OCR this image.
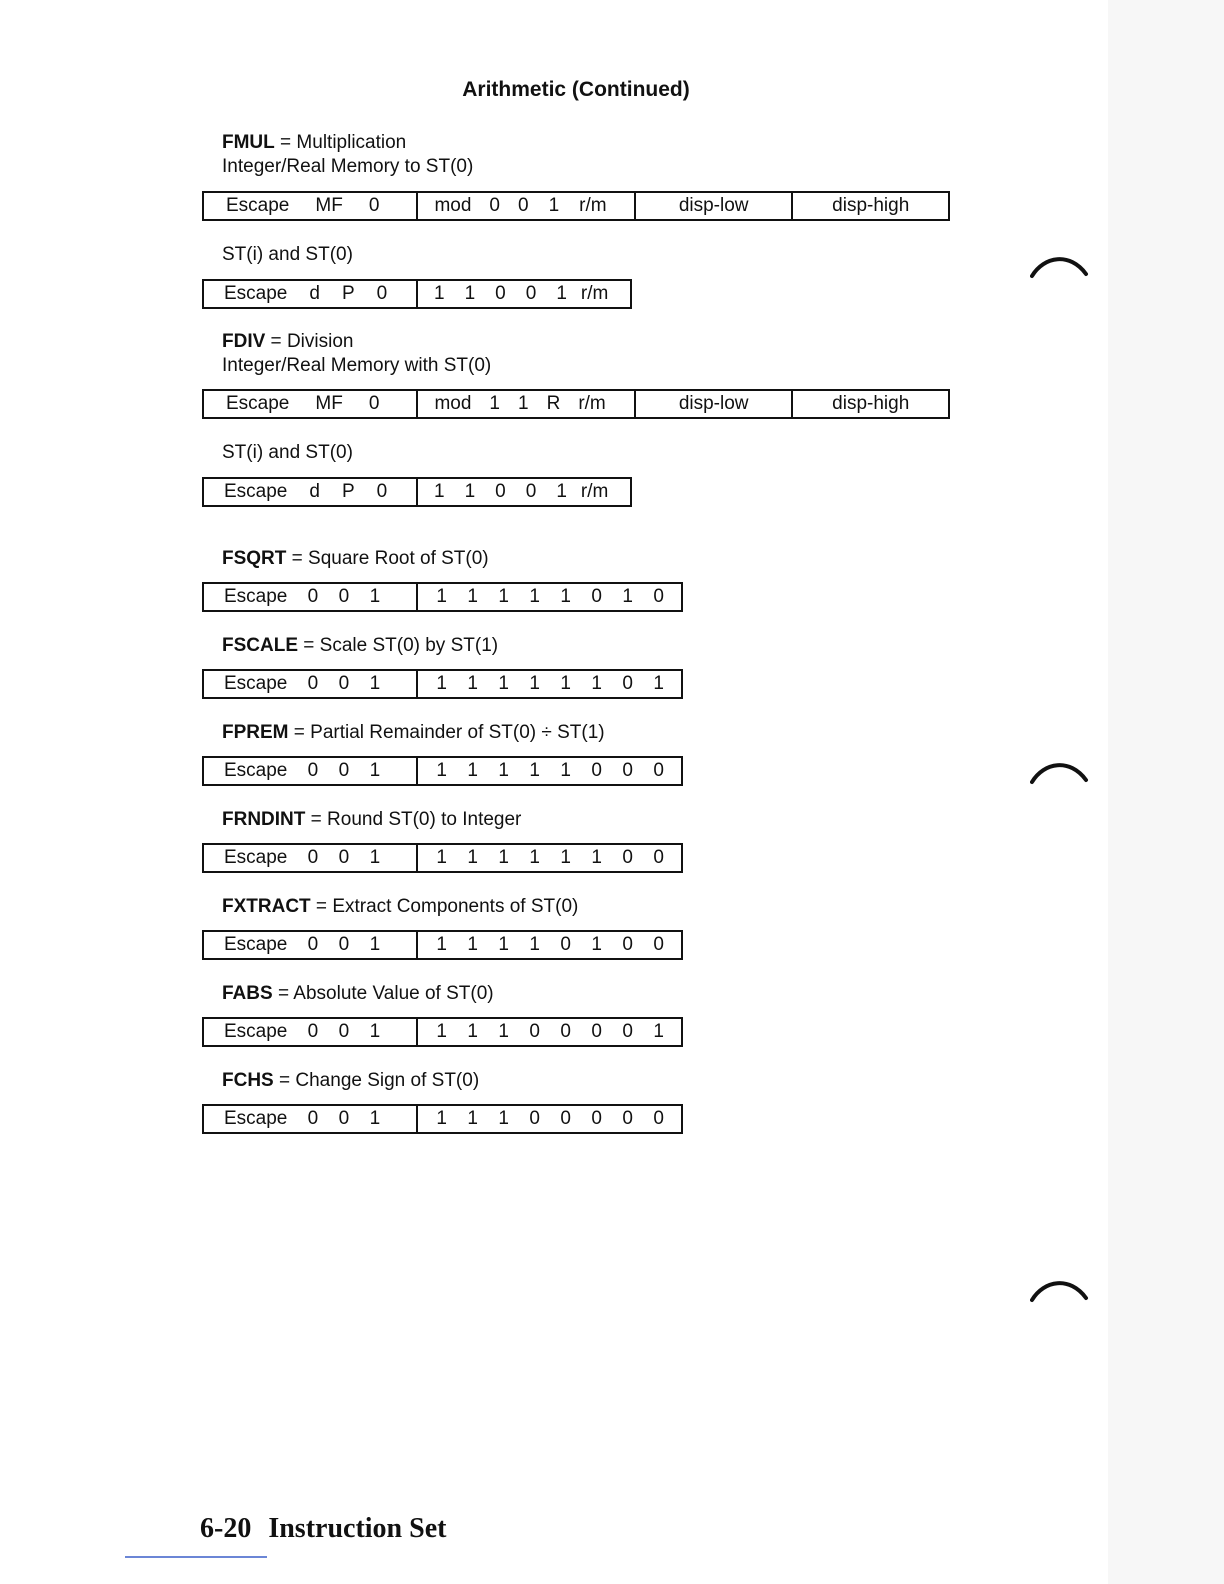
Arithmetic (Continued)
FMUL = Multiplication
Integer/Real Memory to ST(0)
Escape MF 0	mod 0 0 1 r/m	disp-low	disp-high
ST(i) and ST(0)
Escape d P 0 1 1 0 0 1 r/m
FDIV = Division
Integer/Real Memory with ST(0)
Escape MF 0	mod 1 1 R r/m	disp-low	disp-high
ST(i) and ST(0)
Escape d P 0 1 1 0 0 1 r/m
FSQRT = Square Root of ST(0)
Escape	0	0	1	1	1	1	1	1	0	1	0
FSCALE = Scale ST(0) by ST(1)
Escape	0	0	1	1	1	1	1	1	1	0	1
FPREM = Partial Remainder of ST(0) ÷ ST(1)
Escape	0	0	1	1	1	1	1	1	0	0	0
FRNDINT = Round ST(0) to Integer
Escape	0	0	1	1	1	1	1	1	1	0	0
FXTRACT = Extract Components of ST(0)
Escape	0	0	1	1	1	1	1	0	1	0	0
FABS = Absolute Value of ST(0)
Escape	0	0	1	1	1	1	0	0	0	0	1
FCHS = Change Sign of ST(0)
Escape	0	0	1	1	1	1	0	0	0	0	0
6-20 Instruction Set
